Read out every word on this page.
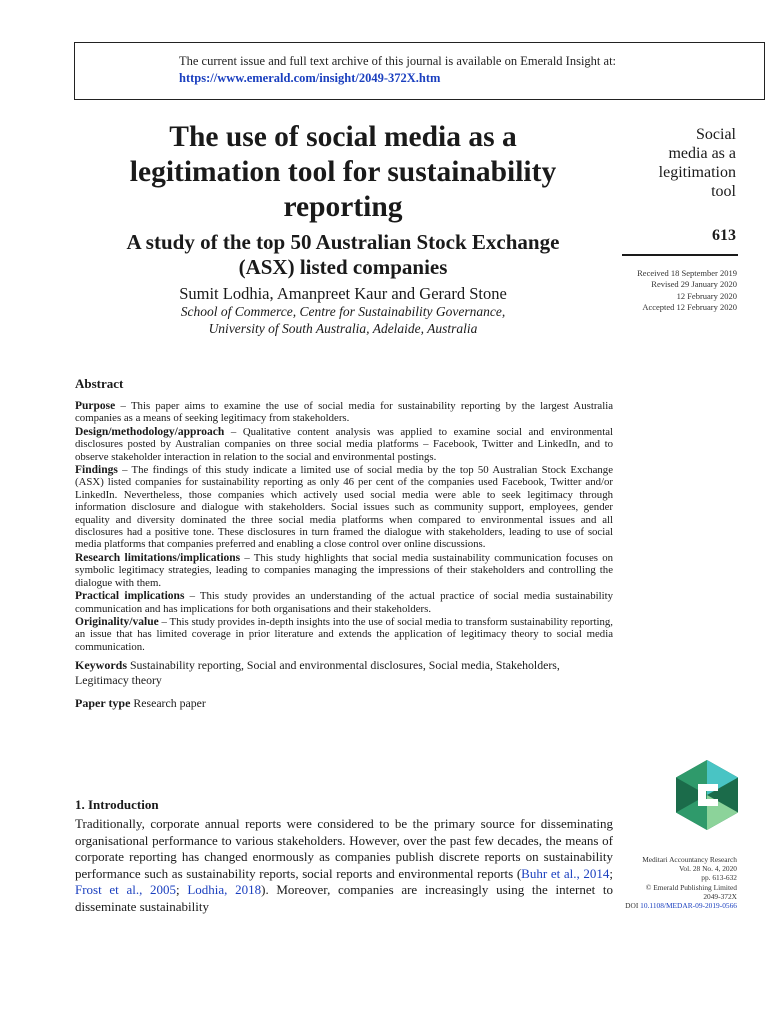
The current issue and full text archive of this journal is available on Emerald Insight at:
https://www.emerald.com/insight/2049-372X.htm
The use of social media as a legitimation tool for sustainability reporting
A study of the top 50 Australian Stock Exchange (ASX) listed companies
Sumit Lodhia, Amanpreet Kaur and Gerard Stone
School of Commerce, Centre for Sustainability Governance,
University of South Australia, Adelaide, Australia
Social
media as a
legitimation
tool
613
Received 18 September 2019
Revised 29 January 2020
12 February 2020
Accepted 12 February 2020
Abstract

Purpose – This paper aims to examine the use of social media for sustainability reporting by the largest Australia companies as a means of seeking legitimacy from stakeholders.

Design/methodology/approach – Qualitative content analysis was applied to examine social and environmental disclosures posted by Australian companies on three social media platforms – Facebook, Twitter and LinkedIn, and to observe stakeholder interaction in relation to the social and environmental postings.

Findings – The findings of this study indicate a limited use of social media by the top 50 Australian Stock Exchange (ASX) listed companies for sustainability reporting as only 46 per cent of the companies used Facebook, Twitter and/or LinkedIn. Nevertheless, those companies which actively used social media were able to seek legitimacy through information disclosure and dialogue with stakeholders. Social issues such as community support, employees, gender equality and diversity dominated the three social media platforms when compared to environmental issues and all disclosures had a positive tone. These disclosures in turn framed the dialogue with stakeholders, leading to use of social media platforms that companies preferred and enabling a close control over online discussions.

Research limitations/implications – This study highlights that social media sustainability communication focuses on symbolic legitimacy strategies, leading to companies managing the impressions of their stakeholders and controlling the dialogue with them.

Practical implications – This study provides an understanding of the actual practice of social media sustainability communication and has implications for both organisations and their stakeholders.

Originality/value – This study provides in-depth insights into the use of social media to transform sustainability reporting, an issue that has limited coverage in prior literature and extends the application of legitimacy theory to social media communication.

Keywords Sustainability reporting, Social and environmental disclosures, Social media, Stakeholders, Legitimacy theory

Paper type Research paper

1. Introduction

Traditionally, corporate annual reports were considered to be the primary source for disseminating organisational performance to various stakeholders. However, over the past few decades, the means of corporate reporting has changed enormously as companies publish discrete reports on sustainability performance such as sustainability reports, social reports and environmental reports (Buhr et al., 2014; Frost et al., 2005; Lodhia, 2018). Moreover, companies are increasingly using the internet to disseminate sustainability

Meditari Accountancy Research
Vol. 28 No. 4, 2020
pp. 613-632
© Emerald Publishing Limited
2049-372X
DOI 10.1108/MEDAR-09-2019-0566
